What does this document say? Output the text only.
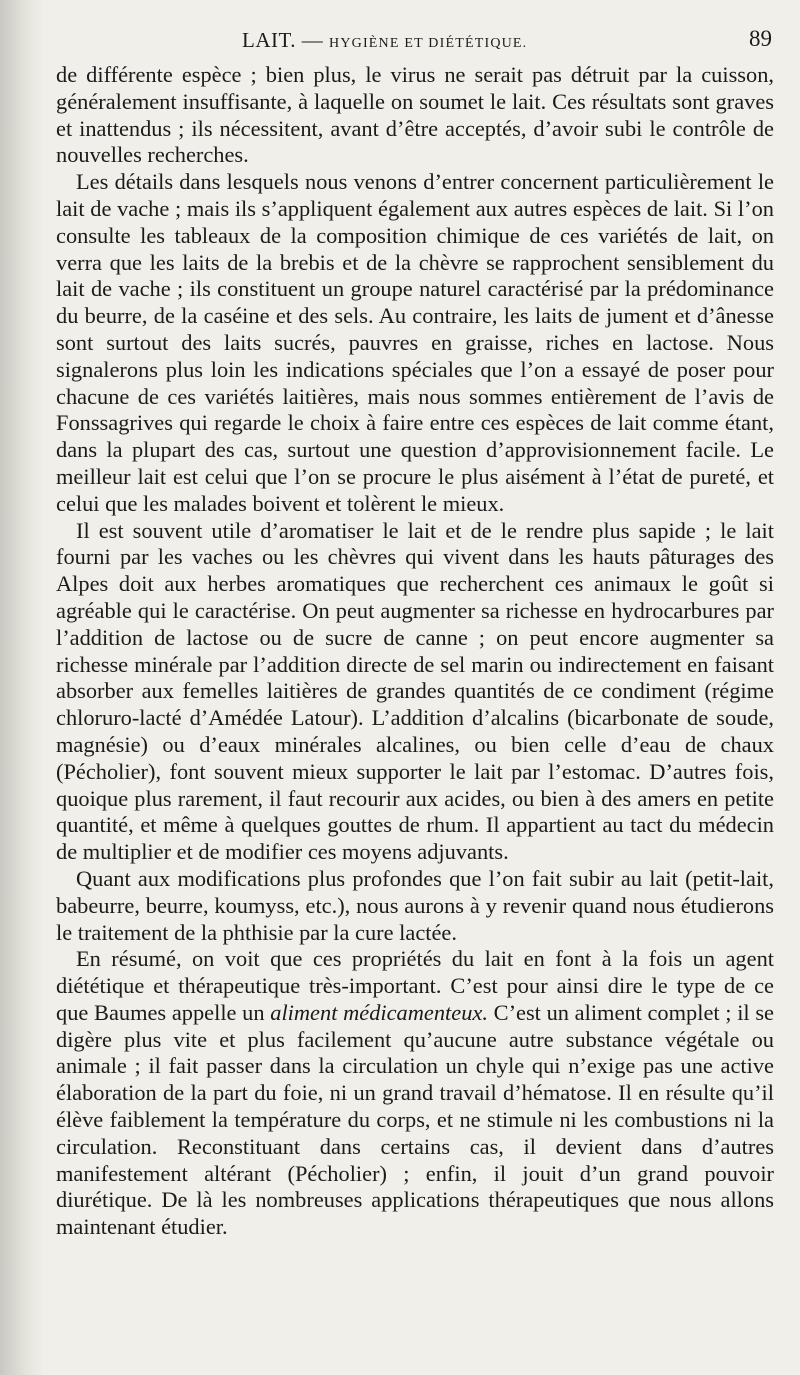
LAIT. — HYGIÈNE ET DIÉTÉTIQUE.	89

de différente espèce ; bien plus, le virus ne serait pas détruit par la cuisson, généralement insuffisante, à laquelle on soumet le lait. Ces résultats sont graves et inattendus ; ils nécessitent, avant d’être acceptés, d’avoir subi le contrôle de nouvelles recherches.

Les détails dans lesquels nous venons d’entrer concernent particulièrement le lait de vache ; mais ils s’appliquent également aux autres espèces de lait. Si l’on consulte les tableaux de la composition chimique de ces variétés de lait, on verra que les laits de la brebis et de la chèvre se rapprochent sensiblement du lait de vache ; ils constituent un groupe naturel caractérisé par la prédominance du beurre, de la caséine et des sels. Au contraire, les laits de jument et d’ânesse sont surtout des laits sucrés, pauvres en graisse, riches en lactose. Nous signalerons plus loin les indications spéciales que l’on a essayé de poser pour chacune de ces variétés laitières, mais nous sommes entièrement de l’avis de Fonssagrives qui regarde le choix à faire entre ces espèces de lait comme étant, dans la plupart des cas, surtout une question d’approvisionnement facile. Le meilleur lait est celui que l’on se procure le plus aisément à l’état de pureté, et celui que les malades boivent et tolèrent le mieux.

Il est souvent utile d’aromatiser le lait et de le rendre plus sapide ; le lait fourni par les vaches ou les chèvres qui vivent dans les hauts pâturages des Alpes doit aux herbes aromatiques que recherchent ces animaux le goût si agréable qui le caractérise. On peut augmenter sa richesse en hydrocarbures par l’addition de lactose ou de sucre de canne ; on peut encore augmenter sa richesse minérale par l’addition directe de sel marin ou indirectement en faisant absorber aux femelles laitières de grandes quantités de ce condiment (régime chloruro-lacté d’Amédée Latour). L’addition d’alcalins (bicarbonate de soude, magnésie) ou d’eaux minérales alcalines, ou bien celle d’eau de chaux (Pécholier), font souvent mieux supporter le lait par l’estomac. D’autres fois, quoique plus rarement, il faut recourir aux acides, ou bien à des amers en petite quantité, et même à quelques gouttes de rhum. Il appartient au tact du médecin de multiplier et de modifier ces moyens adjuvants.

Quant aux modifications plus profondes que l’on fait subir au lait (petit-lait, babeurre, beurre, koumyss, etc.), nous aurons à y revenir quand nous étudierons le traitement de la phthisie par la cure lactée.

En résumé, on voit que ces propriétés du lait en font à la fois un agent diététique et thérapeutique très-important. C’est pour ainsi dire le type de ce que Baumes appelle un aliment médicamenteux. C’est un aliment complet ; il se digère plus vite et plus facilement qu’aucune autre substance végétale ou animale ; il fait passer dans la circulation un chyle qui n’exige pas une active élaboration de la part du foie, ni un grand travail d’hématose. Il en résulte qu’il élève faiblement la température du corps, et ne stimule ni les combustions ni la circulation. Reconstituant dans certains cas, il devient dans d’autres manifestement altérant (Pécholier) ; enfin, il jouit d’un grand pouvoir diurétique. De là les nombreuses applications thérapeutiques que nous allons maintenant étudier.
